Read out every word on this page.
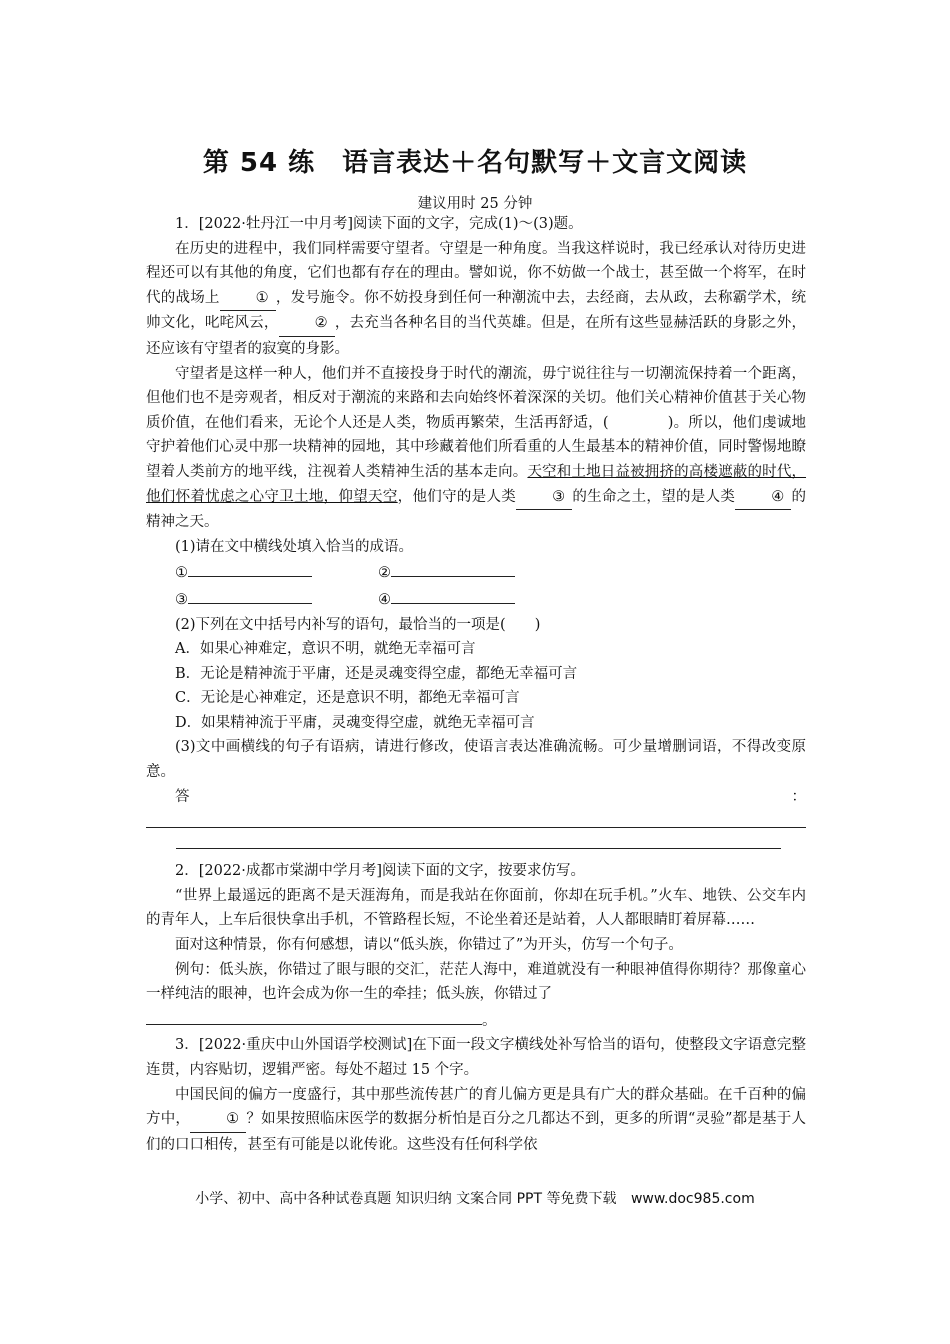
第 54 练　语言表达＋名句默写＋文言文阅读
建议用时 25 分钟

1．[2022·牡丹江一中月考]阅读下面的文字，完成(1)～(3)题。

在历史的进程中，我们同样需要守望者。守望是一种角度。当我这样说时，我已经承认对待历史进程还可以有其他的角度，它们也都有存在的理由。譬如说，你不妨做一个战士，甚至做一个将军，在时代的战场上 ① ，发号施令。你不妨投身到任何一种潮流中去，去经商，去从政，去称霸学术，统帅文化，叱咤风云， ② ，去充当各种名目的当代英雄。但是，在所有这些显赫活跃的身影之外，还应该有守望者的寂寞的身影。

守望者是这样一种人，他们并不直接投身于时代的潮流，毋宁说往往与一切潮流保持着一个距离，但他们也不是旁观者，相反对于潮流的来路和去向始终怀着深深的关切。他们关心精神价值甚于关心物质价值，在他们看来，无论个人还是人类，物质再繁荣，生活再舒适，(　　　　)。所以，他们虔诚地守护着他们心灵中那一块精神的园地，其中珍藏着他们所看重的人生最基本的精神价值，同时警惕地瞭望着人类前方的地平线，注视着人类精神生活的基本走向。天空和土地日益被拥挤的高楼遮蔽的时代，他们怀着忧虑之心守卫土地，仰望天空，他们守的是人类 ③ 的生命之土，望的是人类 ④ 的精神之天。

(1)请在文中横线处填入恰当的成语。

①	②
③	④

(2)下列在文中括号内补写的语句，最恰当的一项是(　　)

A．如果心神难定，意识不明，就绝无幸福可言

B．无论是精神流于平庸，还是灵魂变得空虚，都绝无幸福可言

C．无论是心神难定，还是意识不明，都绝无幸福可言

D．如果精神流于平庸，灵魂变得空虚，就绝无幸福可言

(3)文中画横线的句子有语病，请进行修改，使语言表达准确流畅。可少量增删词语，不得改变原意。

答	：

2．[2022·成都市棠湖中学月考]阅读下面的文字，按要求仿写。

“世界上最遥远的距离不是天涯海角，而是我站在你面前，你却在玩手机。”火车、地铁、公交车内的青年人，上车后很快拿出手机，不管路程长短，不论坐着还是站着，人人都眼睛盯着屏幕……

面对这种情景，你有何感想，请以“低头族，你错过了”为开头，仿写一个句子。

例句：低头族，你错过了眼与眼的交汇，茫茫人海中，难道就没有一种眼神值得你期待？那像童心一样纯洁的眼神，也许会成为你一生的牵挂；低头族，你错过了

。

3．[2022·重庆中山外国语学校测试]在下面一段文字横线处补写恰当的语句，使整段文字语意完整连贯，内容贴切，逻辑严密。每处不超过 15 个字。

中国民间的偏方一度盛行，其中那些流传甚广的育儿偏方更是具有广大的群众基础。在千百种的偏方中， ① ？如果按照临床医学的数据分析怕是百分之几都达不到，更多的所谓“灵验”都是基于人们的口口相传，甚至有可能是以讹传讹。这些没有任何科学依

小学、初中、高中各种试卷真题 知识归纳 文案合同 PPT 等免费下载 www.doc985.com
